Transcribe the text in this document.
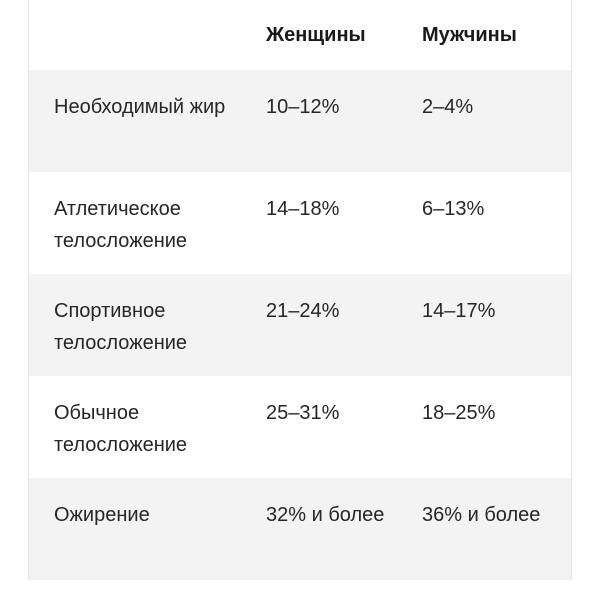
	Женщины	Мужчины
Необходимый жир	10–12%	2–4%
Атлетическое телосложение	14–18%	6–13%
Спортивное телосложение	21–24%	14–17%
Обычное телосложение	25–31%	18–25%
Ожирение	32% и более	36% и более
